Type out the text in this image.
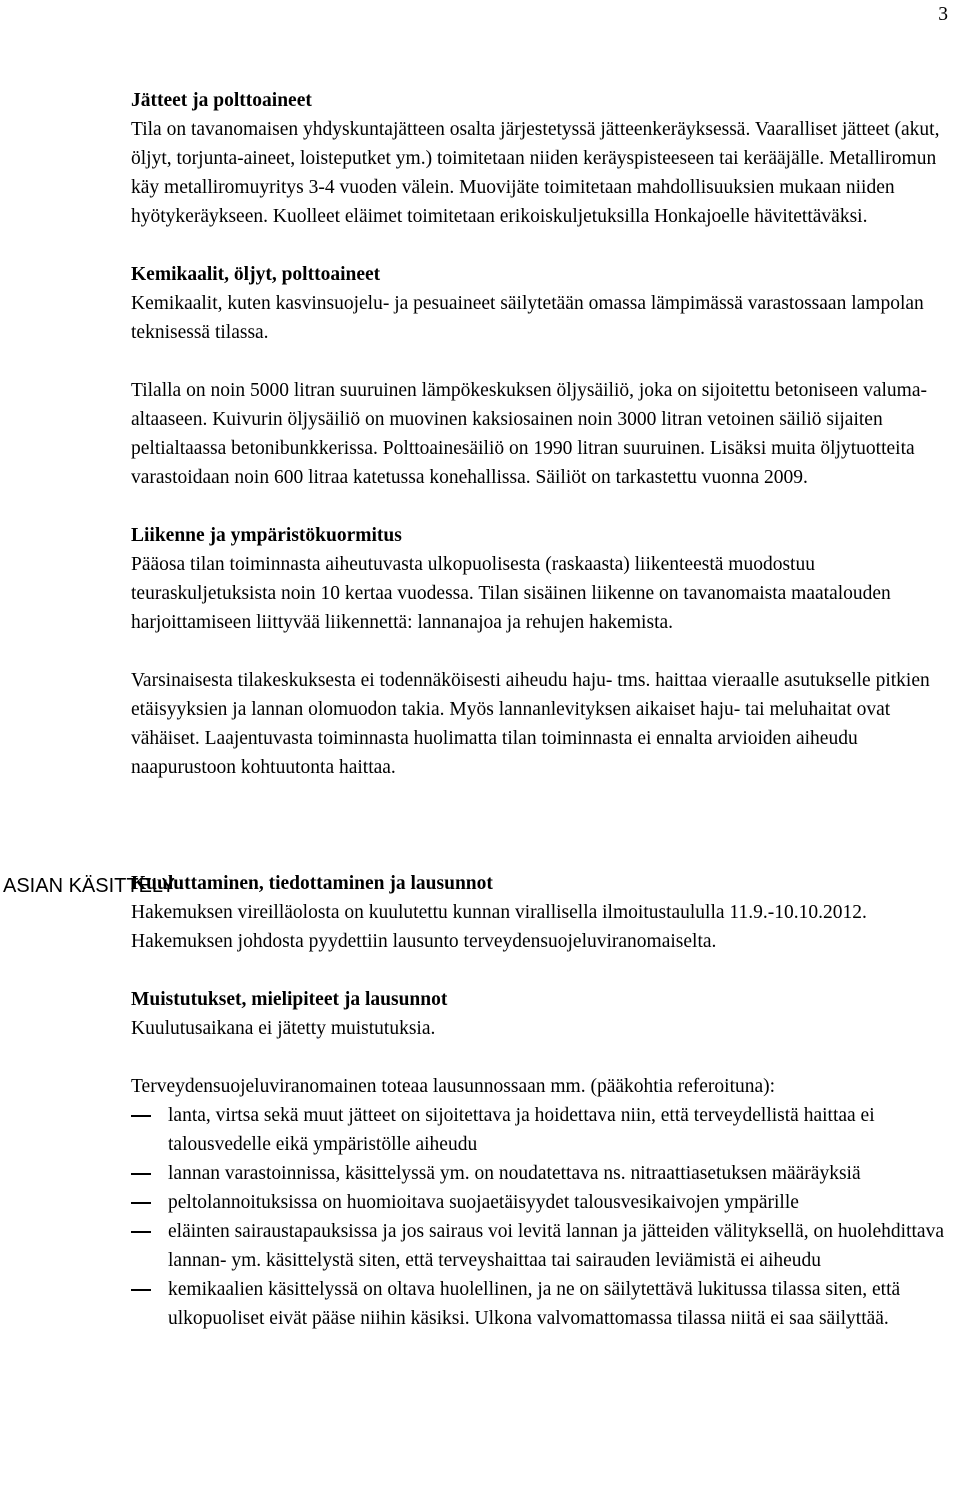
3
ASIAN KÄSITTELY
Jätteet ja polttoaineet

Tila on tavanomaisen yhdyskuntajätteen osalta järjestetyssä jätteenkeräyksessä. Vaaralliset jätteet (akut, öljyt, torjunta-aineet, loisteputket ym.) toimitetaan niiden keräyspisteeseen tai kerääjälle. Metalliromun käy metalliromuyritys 3-4 vuoden välein. Muovijäte toimitetaan mahdollisuuksien mukaan niiden hyötykeräykseen. Kuolleet eläimet toimitetaan erikoiskuljetuksilla Honkajoelle hävitettäväksi.

Kemikaalit, öljyt, polttoaineet

Kemikaalit, kuten kasvinsuojelu- ja pesuaineet säilytetään omassa lämpimässä varastossaan lampolan teknisessä tilassa.

Tilalla on noin 5000 litran suuruinen lämpökeskuksen öljysäiliö, joka on sijoitettu betoniseen valuma-altaaseen. Kuivurin öljysäiliö on muovinen kaksiosainen noin 3000 litran vetoinen säiliö sijaiten peltialtaassa betonibunkkerissa. Polttoainesäiliö on 1990 litran suuruinen. Lisäksi muita öljytuotteita varastoidaan noin 600 litraa katetussa konehallissa. Säiliöt on tarkastettu vuonna 2009.

Liikenne ja ympäristökuormitus

Pääosa tilan toiminnasta aiheutuvasta ulkopuolisesta (raskaasta) liikenteestä muodostuu teuraskuljetuksista noin 10 kertaa vuodessa. Tilan sisäinen liikenne on tavanomaista maatalouden harjoittamiseen liittyvää liikennettä: lannanajoa ja rehujen hakemista.

Varsinaisesta tilakeskuksesta ei todennäköisesti aiheudu haju- tms. haittaa vieraalle asutukselle pitkien etäisyyksien ja lannan olomuodon takia. Myös lannanlevityksen aikaiset haju- tai meluhaitat ovat vähäiset. Laajentuvasta toiminnasta huolimatta tilan toiminnasta ei ennalta arvioiden aiheudu naapurustoon kohtuutonta haittaa.

Kuuluttaminen, tiedottaminen ja lausunnot

Hakemuksen vireilläolosta on kuulutettu kunnan virallisella ilmoitustaululla 11.9.-10.10.2012. Hakemuksen johdosta pyydettiin lausunto terveydensuojeluviranomaiselta.

Muistutukset, mielipiteet ja lausunnot

Kuulutusaikana ei jätetty muistutuksia.

Terveydensuojeluviranomainen toteaa lausunnossaan mm. (pääkohtia referoituna):

lanta, virtsa sekä muut jätteet on sijoitettava ja hoidettava niin, että terveydellistä haittaa ei talousvedelle eikä ympäristölle aiheudu
lannan varastoinnissa, käsittelyssä ym. on noudatettava ns. nitraattiasetuksen määräyksiä
peltolannoituksissa on huomioitava suojaetäisyydet talousvesikaivojen ympärille
eläinten sairaustapauksissa ja jos sairaus voi levitä lannan ja jätteiden välityksellä, on huolehdittava lannan- ym. käsittelystä siten, että terveyshaittaa tai sairauden leviämistä ei aiheudu
kemikaalien käsittelyssä on oltava huolellinen, ja ne on säilytettävä lukitussa tilassa siten, että ulkopuoliset eivät pääse niihin käsiksi. Ulkona valvomattomassa tilassa niitä ei saa säilyttää.
